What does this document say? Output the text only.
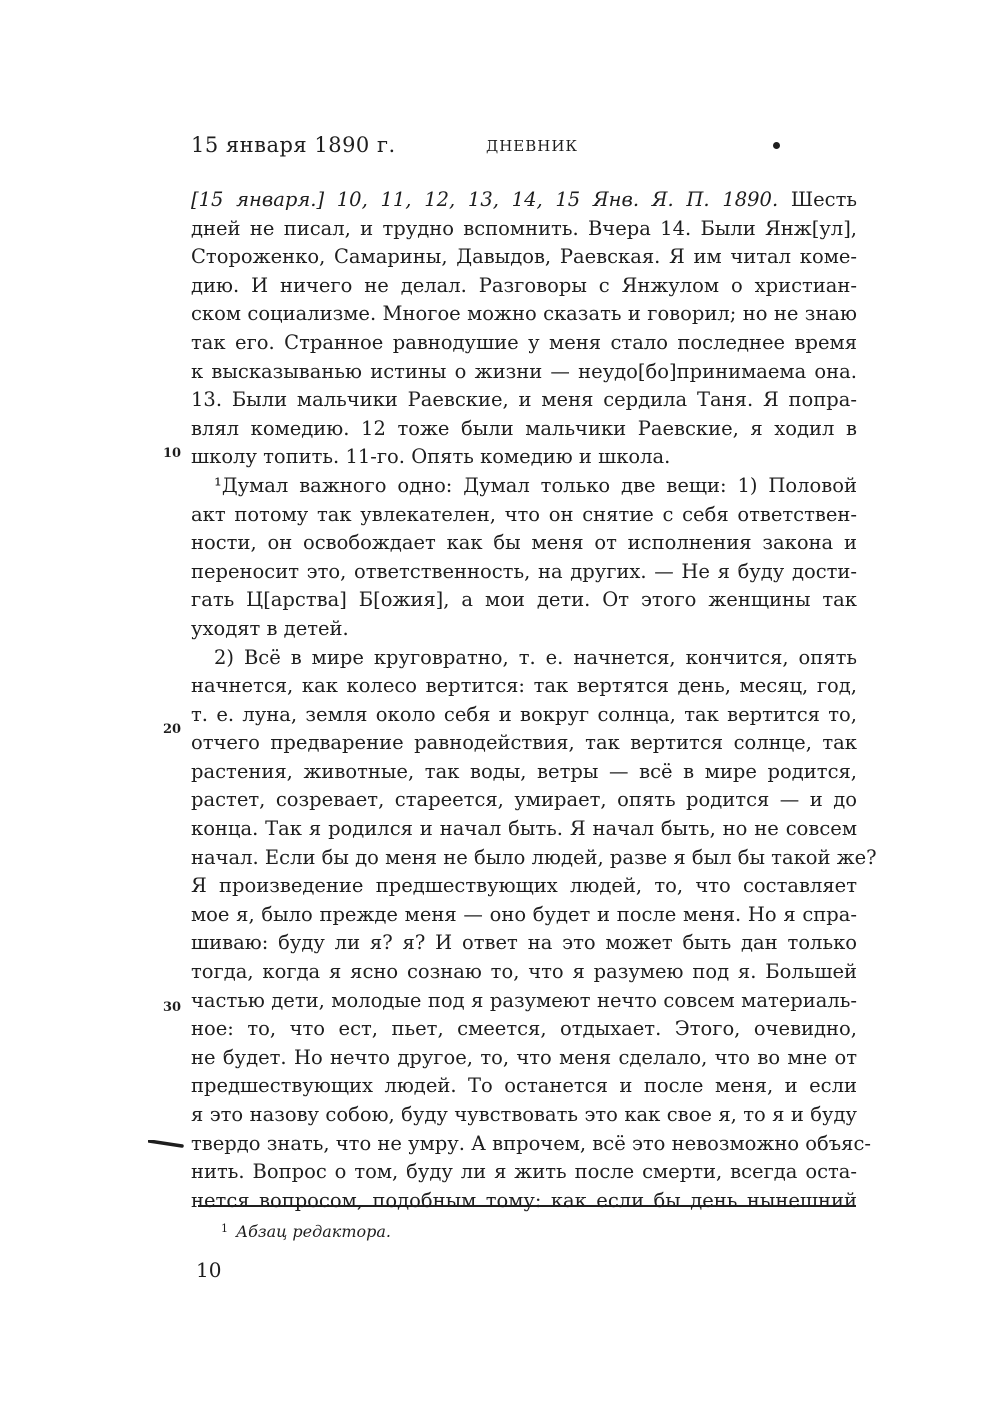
15 января 1890 г.	ДНЕВНИК
10
20
30

[15 января.] 10, 11, 12, 13, 14, 15 Янв. Я. П. 1890. Шесть
дней не писал, и трудно вспомнить. Вчера 14. Были Янж[ул],
Стороженко, Самарины, Давыдов, Раевская. Я им читал коме-
дию. И ничего не делал. Разговоры с Янжулом о христиан-
ском социализме. Многое можно сказать и говорил; но не знаю
так его. Странное равнодушие у меня стало последнее время
к высказыванью истины о жизни — неудо[бо]принимаема она.
13. Были мальчики Раевские, и меня сердила Таня. Я попра-
влял комедию. 12 тоже были мальчики Раевские, я ходил в
школу топить. 11-го. Опять комедию и школа.

¹Думал важного одно: Думал только две вещи: 1) Половой
акт потому так увлекателен, что он снятие с себя ответствен-
ности, он освобождает как бы меня от исполнения закона и
переносит это, ответственность, на других. — Не я буду дости-
гать Ц[арства] Б[ожия], а мои дети. От этого женщины так
уходят в детей.

2) Всё в мире круговратно, т. е. начнется, кончится, опять
начнется, как колесо вертится: так вертятся день, месяц, год,
т. е. луна, земля около себя и вокруг солнца, так вертится то,
отчего предварение равнодействия, так вертится солнце, так
растения, животные, так воды, ветры — всё в мире родится,
растет, созревает, стареется, умирает, опять родится — и до
конца. Так я родился и начал быть. Я начал быть, но не совсем
начал. Если бы до меня не было людей, разве я был бы такой же?
Я произведение предшествующих людей, то, что составляет
мое я, было прежде меня — оно будет и после меня. Но я спра-
шиваю: буду ли я? я? И ответ на это может быть дан только
тогда, когда я ясно сознаю то, что я разумею под я. Большей
частью дети, молодые под я разумеют нечто совсем материаль-
ное: то, что ест, пьет, смеется, отдыхает. Этого, очевидно,
не будет. Но нечто другое, то, что меня сделало, что во мне от
предшествующих людей. То останется и после меня, и если
я это назову собою, буду чувствовать это как свое я, то я и буду
твердо знать, что не умру. А впрочем, всё это невозможно объяс-
нить. Вопрос о том, буду ли я жить после смерти, всегда оста-
нется вопросом, подобным тому: как если бы день нынешний

$^1$ Абзац редактора.
10
